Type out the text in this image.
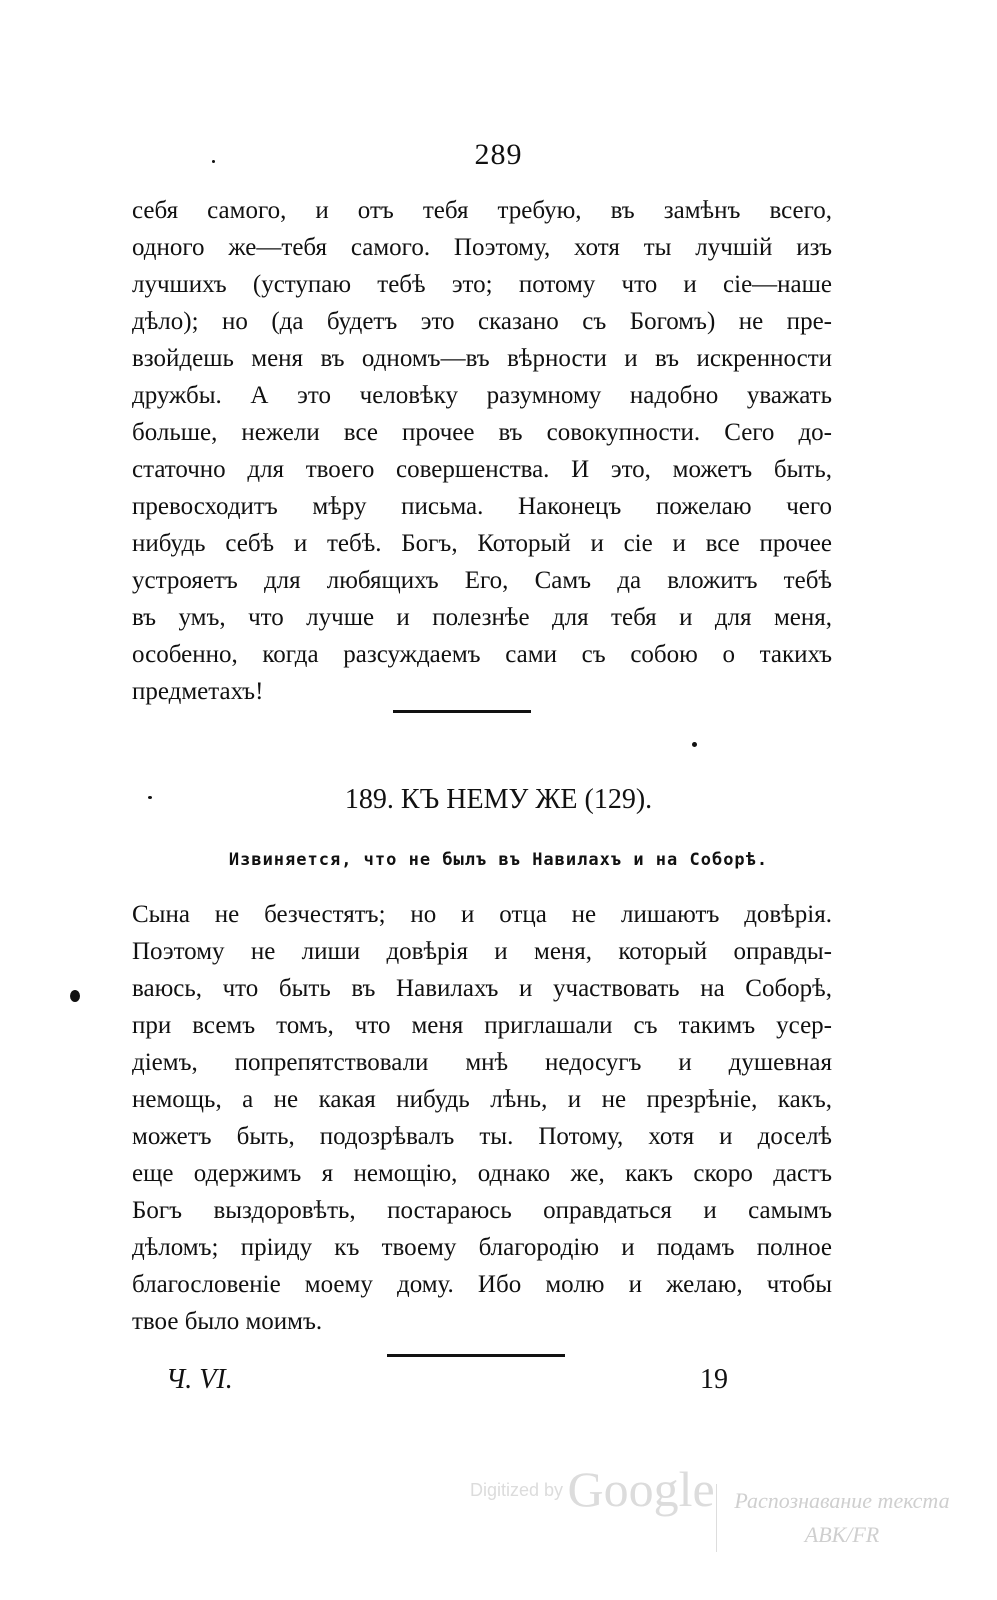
289
себя самого, и отъ тебя требую, въ замѣнъ всего,
одного же—тебя самого. Поэтому, хотя ты лучшій изъ
лучшихъ (уступаю тебѣ это; потому что и сіе—наше
дѣло); но (да будетъ это сказано съ Богомъ) не пре-
взойдешь меня въ одномъ—въ вѣрности и въ искренности
дружбы. А это человѣку разумному надобно уважать
больше, нежели все прочее въ совокупности. Сего до-
статочно для твоего совершенства. И это, можетъ быть,
превосходитъ мѣру письма. Наконецъ пожелаю чего
нибудь себѣ и тебѣ. Богъ, Который и сіе и все прочее
устрояетъ для любящихъ Его, Самъ да вложитъ тебѣ
въ умъ, что лучше и полезнѣе для тебя и для меня,
особенно, когда разсуждаемъ сами съ собою о такихъ
предметахъ!
189. КЪ НЕМУ ЖЕ (129).
Извиняется, что не былъ въ Навилахъ и на Соборѣ.
Сына не безчестятъ; но и отца не лишаютъ довѣрія.
Поэтому не лиши довѣрія и меня, который оправды-
ваюсь, что быть въ Навилахъ и участвовать на Соборѣ,
при всемъ томъ, что меня приглашали съ такимъ усер-
діемъ, попрепятствовали мнѣ недосугъ и душевная
немощь, а не какая нибудь лѣнь, и не презрѣніе, какъ,
можетъ быть, подозрѣвалъ ты. Потому, хотя и доселѣ
еще одержимъ я немощію, однако же, какъ скоро дастъ
Богъ выздоровѣть, постараюсь оправдаться и самымъ
дѣломъ; пріиду къ твоему благородію и подамъ полное
благословеніе моему дому. Ибо молю и желаю, чтобы
твое было моимъ.
Ч. VI.	19
Digitized by Google Распознавание текста
АВК/FR
